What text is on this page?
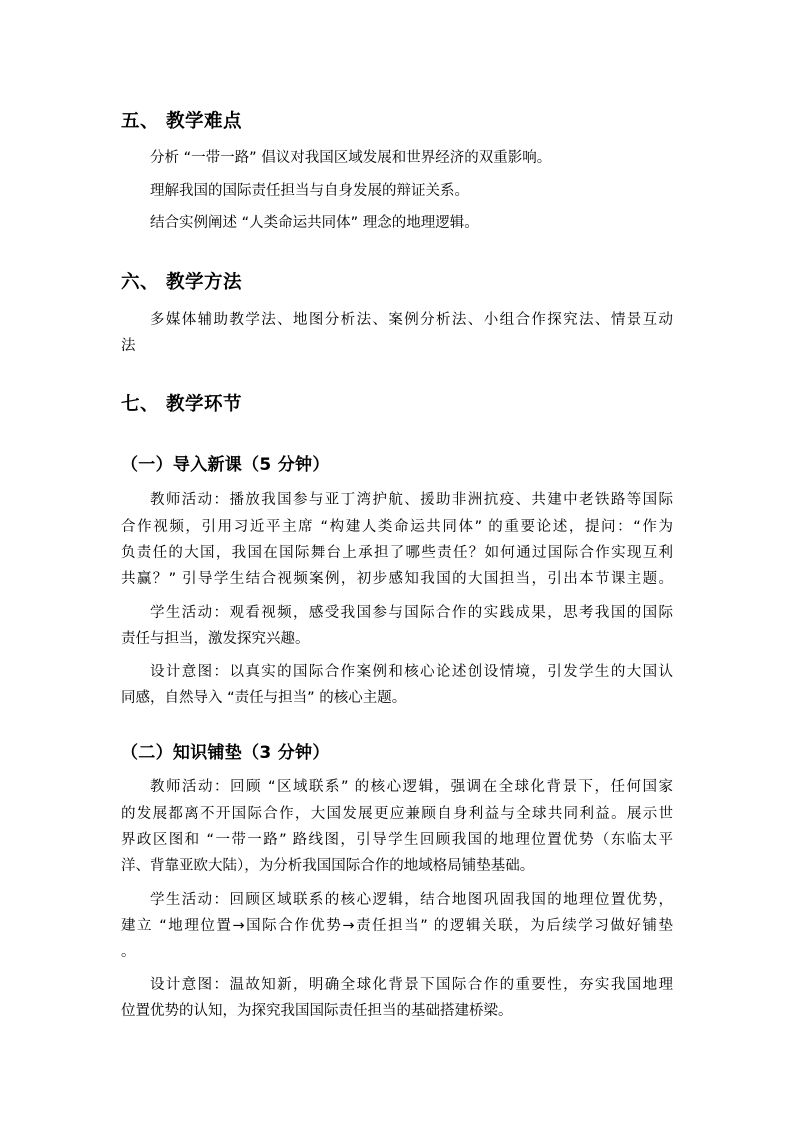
五、 教学难点
分析 “一带一路” 倡议对我国区域发展和世界经济的双重影响。
理解我国的国际责任担当与自身发展的辩证关系。
结合实例阐述 “人类命运共同体” 理念的地理逻辑。
六、 教学方法
多媒体辅助教学法、地图分析法、案例分析法、小组合作探究法、情景互动
法
七、 教学环节
（一）导入新课（5 分钟）
教师活动：播放我国参与亚丁湾护航、援助非洲抗疫、共建中老铁路等国际
合作视频，引用习近平主席 “构建人类命运共同体” 的重要论述，提问：“作为
负责任的大国，我国在国际舞台上承担了哪些责任？如何通过国际合作实现互利
共赢？” 引导学生结合视频案例，初步感知我国的大国担当，引出本节课主题。
学生活动：观看视频，感受我国参与国际合作的实践成果，思考我国的国际
责任与担当，激发探究兴趣。
设计意图：以真实的国际合作案例和核心论述创设情境，引发学生的大国认
同感，自然导入 “责任与担当” 的核心主题。
（二）知识铺垫（3 分钟）
教师活动：回顾 “区域联系” 的核心逻辑，强调在全球化背景下，任何国家
的发展都离不开国际合作，大国发展更应兼顾自身利益与全球共同利益。展示世
界政区图和 “一带一路” 路线图，引导学生回顾我国的地理位置优势（东临太平
洋、背靠亚欧大陆），为分析我国国际合作的地域格局铺垫基础。
学生活动：回顾区域联系的核心逻辑，结合地图巩固我国的地理位置优势，
建立 “地理位置→国际合作优势→责任担当” 的逻辑关联，为后续学习做好铺垫
。
设计意图：温故知新，明确全球化背景下国际合作的重要性，夯实我国地理
位置优势的认知，为探究我国国际责任担当的基础搭建桥梁。
